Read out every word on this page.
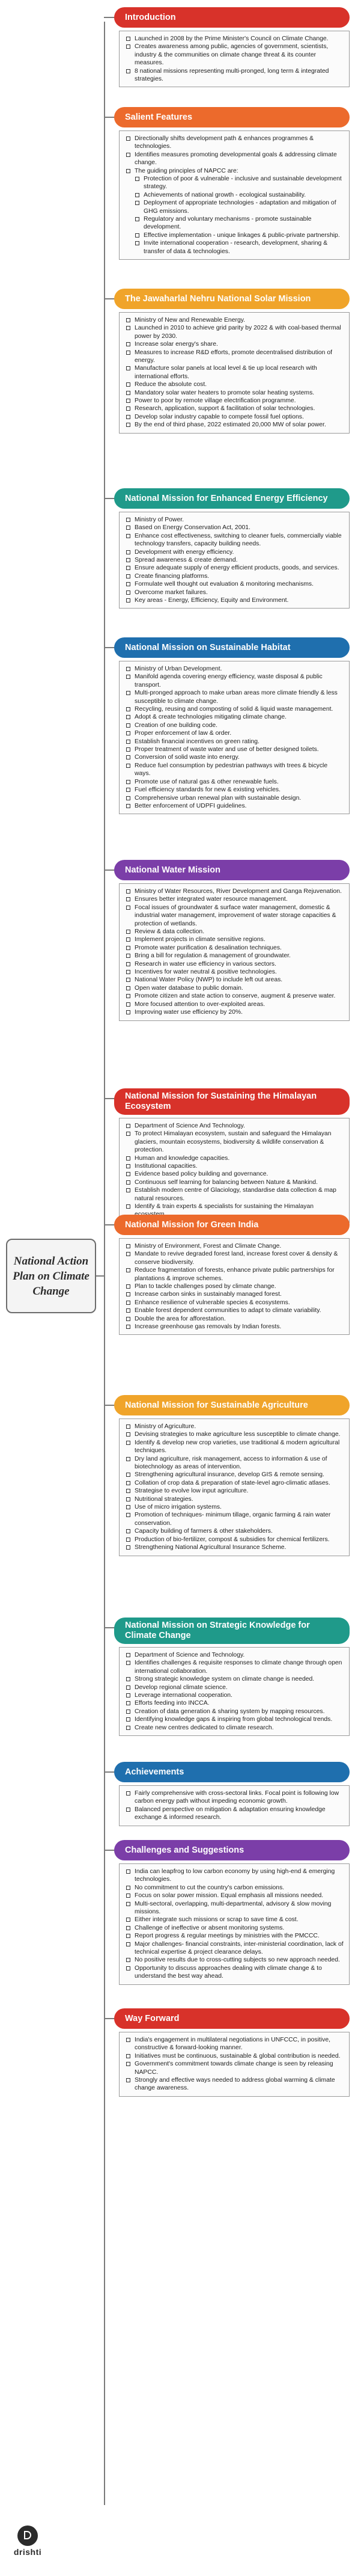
National Action Plan on Climate Change
Introduction
Launched in 2008 by the Prime Minister's Council on Climate Change.
Creates awareness among public, agencies of government, scientists, industry & the communities on climate change threat & its counter measures.
8 national missions representing multi-pronged, long term & integrated strategies.
Salient Features
Directionally shifts development path & enhances programmes & technologies.
Identifies measures promoting developmental goals & addressing climate change.
The guiding principles of NAPCC are:
Protection of poor & vulnerable - inclusive and sustainable development strategy.
Achievements of national growth - ecological sustainability.
Deployment of appropriate technologies - adaptation and mitigation of GHG emissions.
Regulatory and voluntary mechanisms - promote sustainable development.
Effective implementation - unique linkages & public-private partnership.
Invite international cooperation - research, development, sharing & transfer of data & technologies.
The Jawaharlal Nehru National Solar Mission
Ministry of New and Renewable Energy.
Launched in 2010 to achieve grid parity by 2022 & with coal-based thermal power by 2030.
Increase solar energy's share.
Measures to increase R&D efforts, promote decentralised distribution of energy.
Manufacture solar panels at local level & tie up local research with international efforts.
Reduce the absolute cost.
Mandatory solar water heaters to promote solar heating systems.
Power to poor by remote village electrification programme.
Research, application, support & facilitation of solar technologies.
Develop solar industry capable to compete fossil fuel options.
By the end of third phase, 2022 estimated 20,000 MW of solar power.
National Mission for Enhanced Energy Efficiency
Ministry of Power.
Based on Energy Conservation Act, 2001.
Enhance cost effectiveness, switching to cleaner fuels, commercially viable technology transfers, capacity building needs.
Development with energy efficiency.
Spread awareness & create demand.
Ensure adequate supply of energy efficient products, goods, and services.
Create financing platforms.
Formulate well thought out evaluation & monitoring mechanisms.
Overcome market failures.
Key areas - Energy, Efficiency, Equity and Environment.
National Mission on Sustainable Habitat
Ministry of Urban Development.
Manifold agenda covering energy efficiency, waste disposal & public transport.
Multi-pronged approach to make urban areas more climate friendly & less susceptible to climate change.
Recycling, reusing and composting of solid & liquid waste management.
Adopt & create technologies mitigating climate change.
Creation of one building code.
Proper enforcement of law & order.
Establish financial incentives on green rating.
Proper treatment of waste water and use of better designed toilets.
Conversion of solid waste into energy.
Reduce fuel consumption by pedestrian pathways with trees & bicycle ways.
Promote use of natural gas & other renewable fuels.
Fuel efficiency standards for new & existing vehicles.
Comprehensive urban renewal plan with sustainable design.
Better enforcement of UDPFI guidelines.
National Water Mission
Ministry of Water Resources, River Development and Ganga Rejuvenation.
Ensures better integrated water resource management.
Focal issues of groundwater & surface water management, domestic & industrial water management, improvement of water storage capacities & protection of wetlands.
Review & data collection.
Implement projects in climate sensitive regions.
Promote water purification & desalination techniques.
Bring a bill for regulation & management of groundwater.
Research in water use efficiency in various sectors.
Incentives for water neutral & positive technologies.
National Water Policy (NWP) to include left out areas.
Open water database to public domain.
Promote citizen and state action to conserve, augment & preserve water.
More focused attention to over-exploited areas.
Improving water use efficiency by 20%.
National Mission for Sustaining the Himalayan Ecosystem
Department of Science And Technology.
To protect Himalayan ecosystem, sustain and safeguard the Himalayan glaciers, mountain ecosystems, biodiversity & wildlife conservation & protection.
Human and knowledge capacities.
Institutional capacities.
Evidence based policy building and governance.
Continuous self learning for balancing between Nature & Mankind.
Establish modern centre of Glaciology, standardise data collection & map natural resources.
Identify & train experts & specialists for sustaining the Himalayan
National Mission for Green India
Ministry of Environment, Forest and Climate Change.
Mandate to revive degraded forest land, increase forest cover & density & conserve biodiversity.
Reduce fragmentation of forests, enhance private public partnerships for plantations & improve schemes.
Plan to tackle challenges posed by climate change.
Increase carbon sinks in sustainably managed forest.
Enhance resilience of vulnerable species & ecosystems.
Enable forest dependent communities to adapt to climate variability.
Double the area for afforestation.
Increase greenhouse gas removals by Indian forests.
National Mission for Sustainable Agriculture
Ministry of Agriculture.
Devising strategies to make agriculture less susceptible to climate change.
Identify & develop new crop varieties, use traditional & modern agricultural techniques.
Dry land agriculture, risk management, access to information & use of biotechnology as areas of intervention.
Strengthening agricultural insurance, develop GIS & remote sensing.
Collation of crop data & preparation of state-level agro-climatic atlases.
Strategise to evolve low input agriculture.
Nutritional strategies.
Use of micro irrigation systems.
Promotion of techniques- minimum tillage, organic farming & rain water conservation.
Capacity building of farmers & other stakeholders.
Production of bio-fertilizer, compost & subsidies for chemical fertilizers.
Strengthening National Agricultural Insurance Scheme.
National Mission on Strategic Knowledge for Climate Change
Department of Science and Technology.
Identifies challenges & requisite responses to climate change through open international collaboration.
Strong strategic knowledge system on climate change is needed.
Develop regional climate science.
Leverage international cooperation.
Efforts feeding into INCCA.
Creation of data generation & sharing system by mapping resources.
Identifying knowledge gaps & inspiring from global technological trends.
Create new centres dedicated to climate research.
Achievements
Fairly comprehensive with cross-sectoral links. Focal point is following low carbon energy path without impeding economic growth.
Balanced perspective on mitigation & adaptation ensuring knowledge exchange & informed research.
Challenges and Suggestions
India can leapfrog to low carbon economy by using high-end & emerging technologies.
No commitment to cut the country's carbon emissions.
Focus on solar power mission. Equal emphasis all missions needed.
Multi-sectoral, overlapping, multi-departmental, advisory & slow moving missions.
Either integrate such missions or scrap to save time & cost.
Challenge of ineffective or absent monitoring systems.
Report progress & regular meetings by ministries with the PMCCC.
Major challenges- financial constraints, inter-ministerial coordination, lack of technical expertise & project clearance delays.
No positive results due to cross-cutting subjects so new approach needed.
Opportunity to discuss approaches dealing with climate change & to understand the best way ahead.
Way Forward
India's engagement in multilateral negotiations in UNFCCC, in positive, constructive & forward-looking manner.
Initiatives must be continuous, sustainable & global contribution is needed.
Government's commitment towards climate change is seen by releasing NAPCC.
Strongly and effective ways needed to address global warming & climate change awareness.
drishti
